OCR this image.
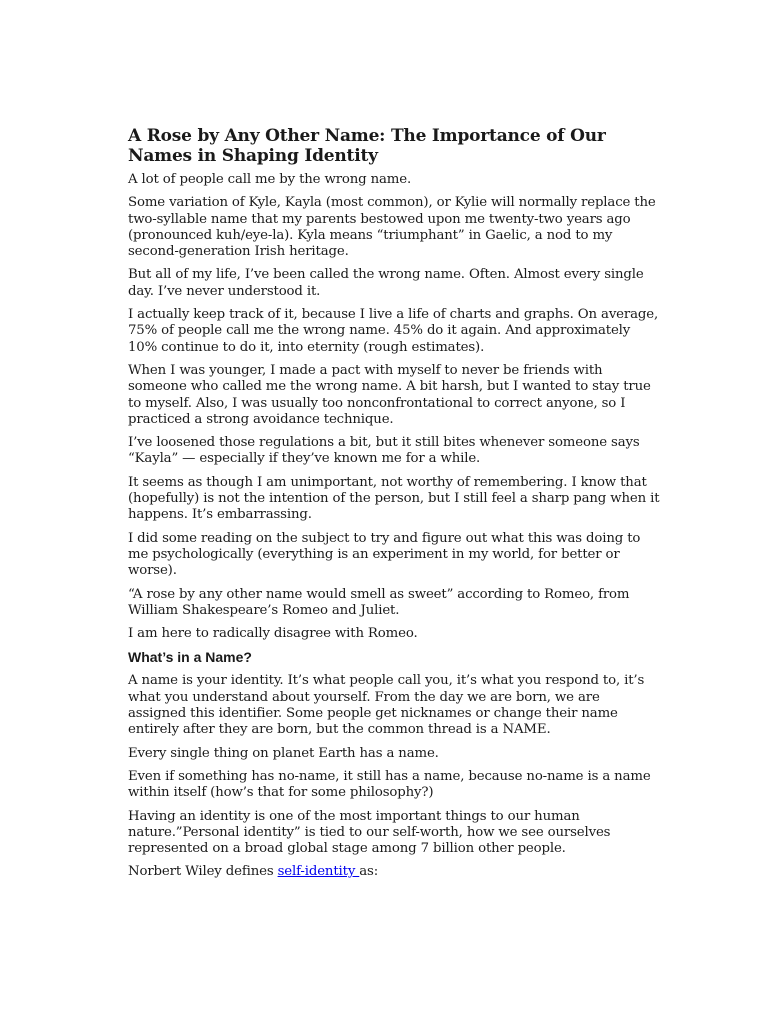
A Rose by Any Other Name: The Importance of Our Names in Shaping Identity

A lot of people call me by the wrong name.

Some variation of Kyle, Kayla (most common), or Kylie will normally replace the two-syllable name that my parents bestowed upon me twenty-two years ago (pronounced kuh/eye-la). Kyla means “triumphant” in Gaelic, a nod to my second-generation Irish heritage.

But all of my life, I’ve been called the wrong name. Often. Almost every single day. I’ve never understood it.

I actually keep track of it, because I live a life of charts and graphs. On average, 75% of people call me the wrong name. 45% do it again. And approximately 10% continue to do it, into eternity (rough estimates).

When I was younger, I made a pact with myself to never be friends with someone who called me the wrong name. A bit harsh, but I wanted to stay true to myself. Also, I was usually too nonconfrontational to correct anyone, so I practiced a strong avoidance technique.

I’ve loosened those regulations a bit, but it still bites whenever someone says “Kayla” — especially if they’ve known me for a while.

It seems as though I am unimportant, not worthy of remembering. I know that (hopefully) is not the intention of the person, but I still feel a sharp pang when it happens. It’s embarrassing.

I did some reading on the subject to try and figure out what this was doing to me psychologically (everything is an experiment in my world, for better or worse).

“A rose by any other name would smell as sweet” according to Romeo, from William Shakespeare’s Romeo and Juliet.

I am here to radically disagree with Romeo.

What’s in a Name?

A name is your identity. It’s what people call you, it’s what you respond to, it’s what you understand about yourself. From the day we are born, we are assigned this identifier. Some people get nicknames or change their name entirely after they are born, but the common thread is a NAME.

Every single thing on planet Earth has a name.

Even if something has no-name, it still has a name, because no-name is a name within itself (how’s that for some philosophy?)

Having an identity is one of the most important things to our human nature.”Personal identity” is tied to our self-worth, how we see ourselves represented on a broad global stage among 7 billion other people.

Norbert Wiley defines self-identity as:
